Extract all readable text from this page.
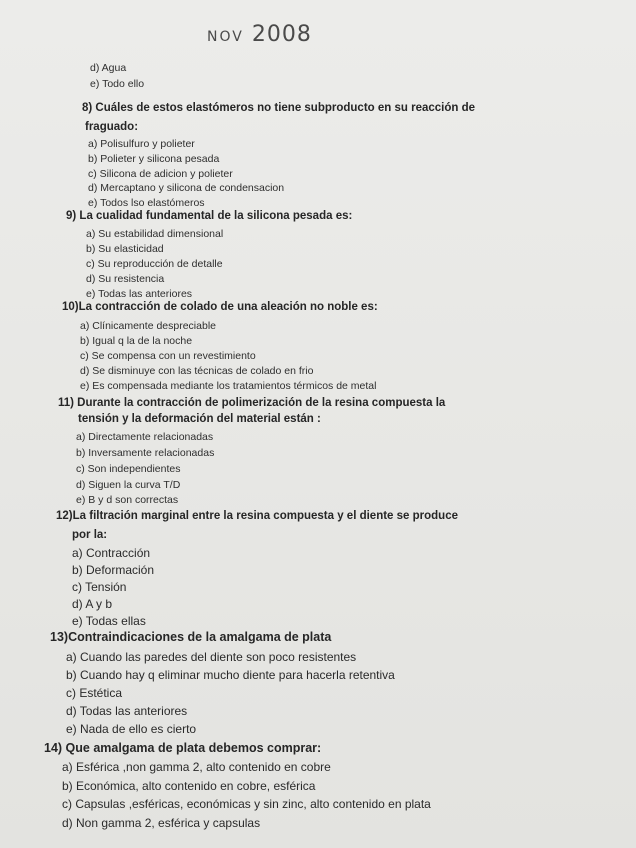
NOV 2008
d) Agua
e) Todo ello
8) Cuáles de estos elastómeros no tiene subproducto en su reacción de
fraguado:
a) Polisulfuro y polieter
b) Polieter y silicona pesada
c) Silicona de adicion y polieter
d) Mercaptano y silicona de condensacion
e) Todos lso elastómeros
9) La cualidad fundamental de la silicona pesada es:
a) Su estabilidad dimensional
b) Su elasticidad
c) Su reproducción de detalle
d) Su resistencia
e) Todas las anteriores
10)La contracción de colado de una aleación no noble es:
a) Clínicamente despreciable
b) Igual q la de la noche
c) Se compensa con un revestimiento
d) Se disminuye con las técnicas de colado en frio
e) Es compensada mediante los tratamientos térmicos de metal
11) Durante la contracción de polimerización de la resina compuesta la
tensión y la deformación del material están :
a) Directamente relacionadas
b) Inversamente relacionadas
c) Son independientes
d) Siguen la curva T/D
e) B y d son correctas
12)La filtración marginal entre la resina compuesta y el diente se produce
por la:
a) Contracción
b) Deformación
c) Tensión
d) A y b
e) Todas ellas
13)Contraindicaciones de la amalgama de plata
a) Cuando las paredes del diente son poco resistentes
b) Cuando hay q eliminar mucho diente para hacerla retentiva
c) Estética
d) Todas las anteriores
e) Nada de ello es cierto
14) Que amalgama de plata debemos comprar:
a) Esférica ,non gamma 2, alto contenido en cobre
b) Económica, alto contenido en cobre, esférica
c) Capsulas ,esféricas, económicas y sin zinc, alto contenido en plata
d) Non gamma 2, esférica y capsulas
